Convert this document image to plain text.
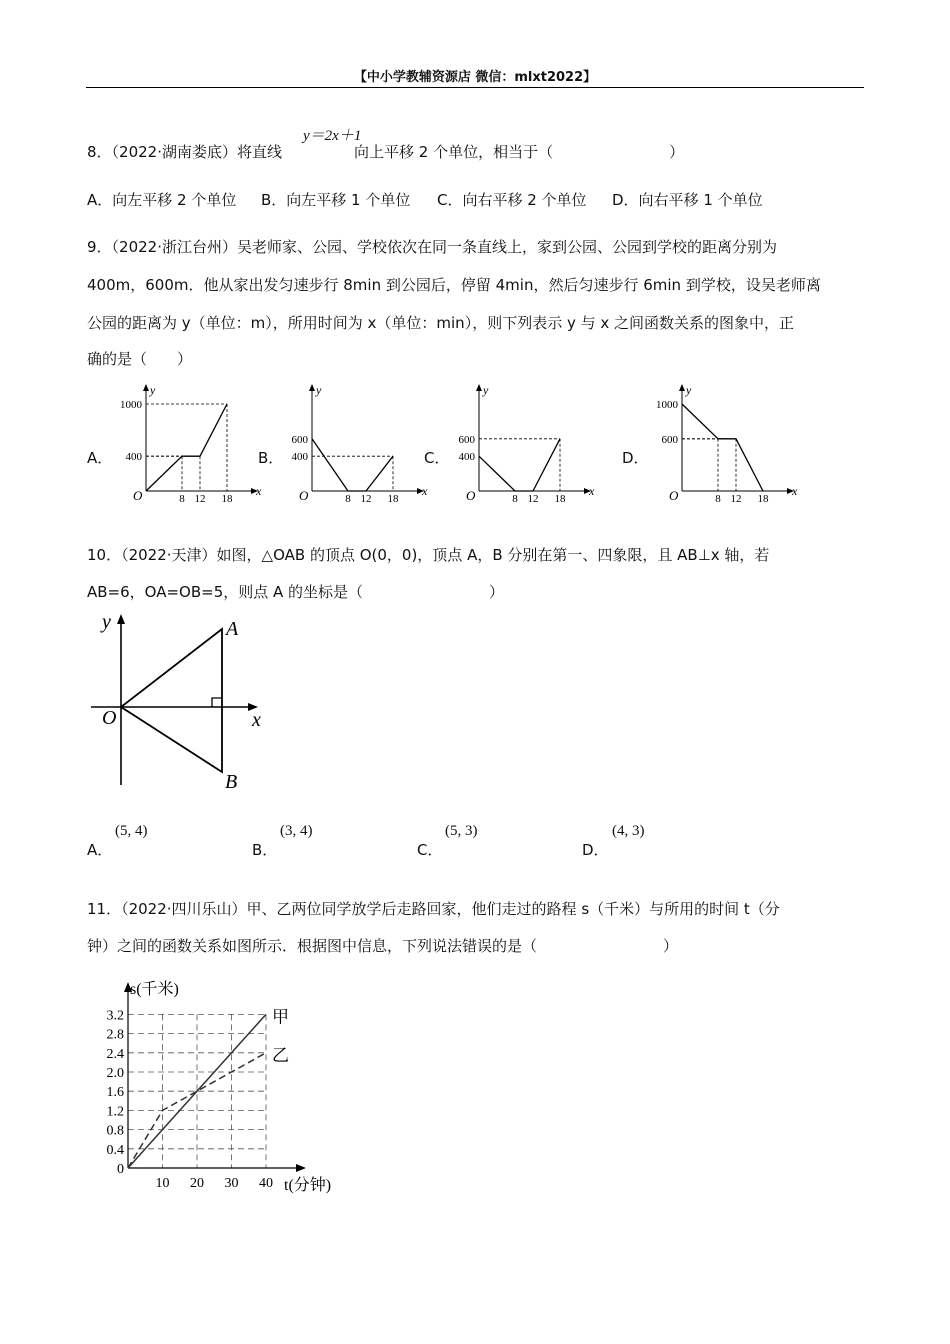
【中小学教辅资源店 微信：mlxt2022】
8．（2022·湖南娄底）将直线	向上平移 2 个单位，相当于（	）
y＝2x＋1
A．向左平移 2 个单位 B．向左平移 1 个单位 C．向右平移 2 个单位 D．向右平移 1 个单位
9．（2022·浙江台州）吴老师家、公园、学校依次在同一条直线上，家到公园、公园到学校的距离分别为
400m，600m．他从家出发匀速步行 8min 到公园后，停留 4min，然后匀速步行 6min 到学校，设吴老师离
公园的距离为 y（单位：m），所用时间为 x（单位：min），则下列表示 y 与 x 之间函数关系的图象中，正
确的是（　　）
A．	B．	C．	D．
y
x
O
1000
400
8 12 18
y
x
O
600
400
8 12 18
y
x
O
600
400
8 12 18
y
x
O
1000
600
8 12 18
10．（2022·天津）如图，△OAB 的顶点 O(0，0)，顶点 A，B 分别在第一、四象限，且 AB⊥x 轴，若
AB=6，OA=OB=5，则点 A 的坐标是（	）
y
x
O
A
B
A．
(5, 4)
B．
(3, 4)
C．
(5, 3)
D．
(4, 3)
11．（2022·四川乐山）甲、乙两位同学放学后走路回家，他们走过的路程 s（千米）与所用的时间 t（分
钟）之间的函数关系如图所示．根据图中信息，下列说法错误的是（	）
3.2
2.8
2.4
2.0
1.6
1.2
0.8
0.4
0
10 20 30 40
s(千米)
t(分钟)
甲
乙
